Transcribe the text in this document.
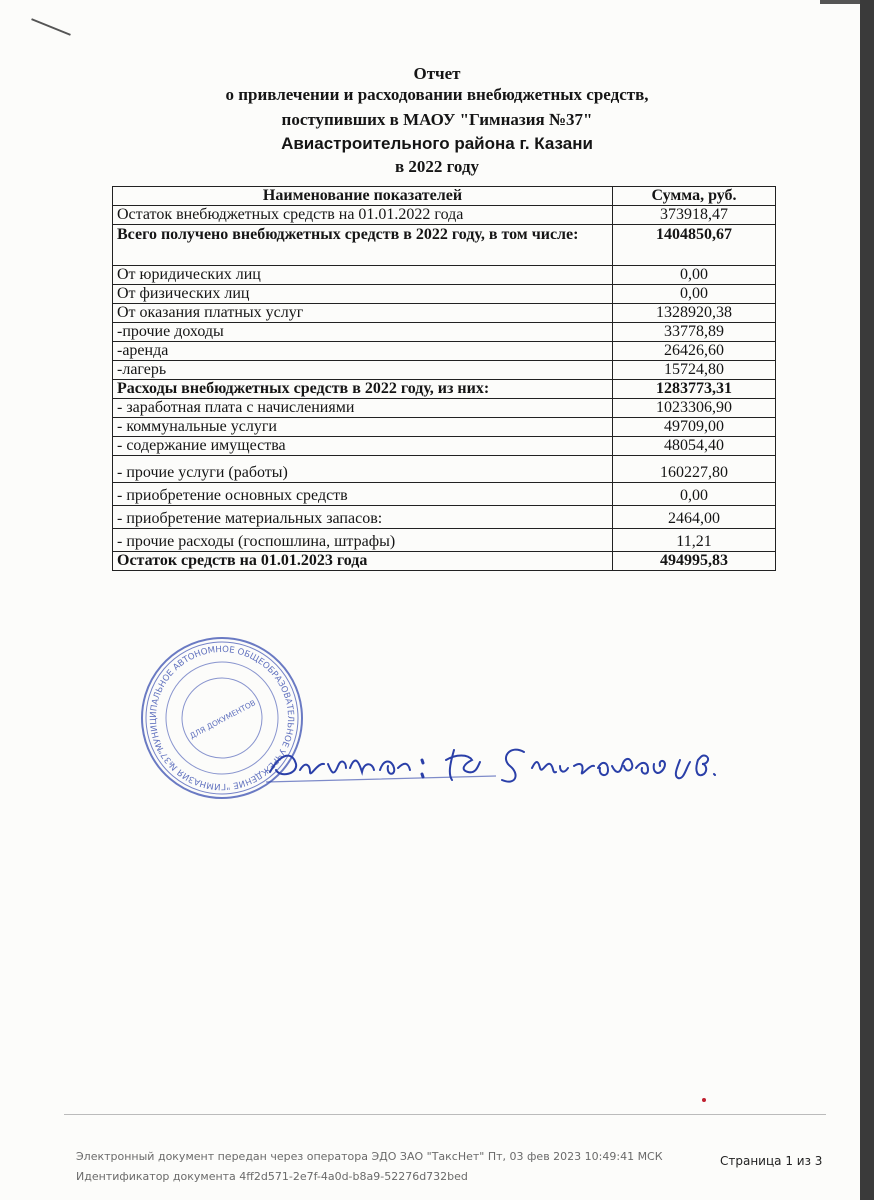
Отчет
о привлечении и расходовании внебюджетных средств,
поступивших в МАОУ "Гимназия №37"
Авиастроительного района г. Казани
в 2022 году
Наименование показателей	Сумма, руб.
Остаток внебюджетных средств на 01.01.2022 года	373918,47
Всего получено внебюджетных средств в 2022 году, в том числе:	1404850,67
От юридических лиц	0,00
От физических лиц	0,00
От оказания платных услуг	1328920,38
-прочие доходы	33778,89
-аренда	26426,60
-лагерь	15724,80
Расходы внебюджетных средств в 2022 году, из них:	1283773,31
- заработная плата с начислениями	1023306,90
- коммунальные услуги	49709,00
- содержание имущества	48054,40
- прочие услуги (работы)	160227,80
- приобретение основных средств	0,00
- приобретение материальных запасов:	2464,00
- прочие расходы (госпошлина, штрафы)	11,21
Остаток средств на 01.01.2023 года	494995,83
МУНИЦИПАЛЬНОЕ АВТОНОМНОЕ ОБЩЕОБРАЗОВАТЕЛЬНОЕ УЧРЕЖДЕНИЕ "ГИМНАЗИЯ №37"
ДЛЯ ДОКУМЕНТОВ
Электронный документ передан через оператора ЭДО ЗАО "ТаксНет" Пт, 03 фев 2023 10:49:41 МСК
Идентификатор документа 4ff2d571-2e7f-4a0d-b8a9-52276d732bed
Страница 1 из 3
